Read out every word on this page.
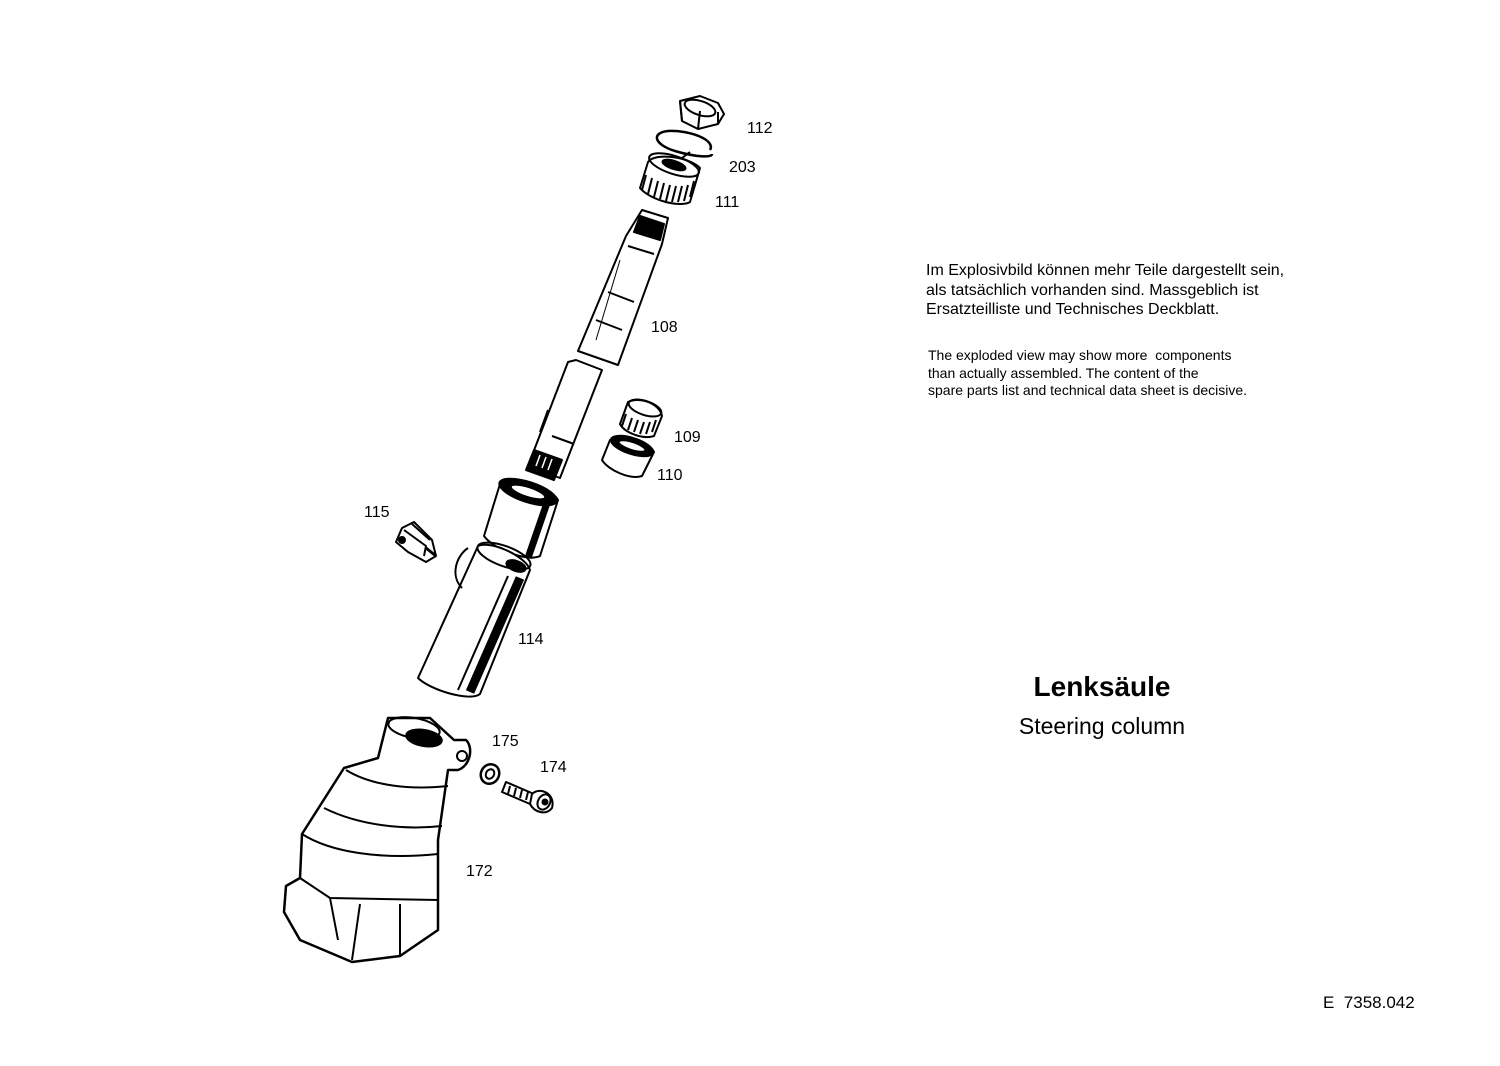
112
203
111
108
109
110
115
114
175
174
172
Im Explosivbild können mehr Teile dargestellt sein,
als tatsächlich vorhanden sind. Massgeblich ist
Ersatzteilliste und Technisches Deckblatt.
The exploded view may show more  components
than actually assembled. The content of the
spare parts list and technical data sheet is decisive.
Lenksäule
Steering column
E  7358.042
